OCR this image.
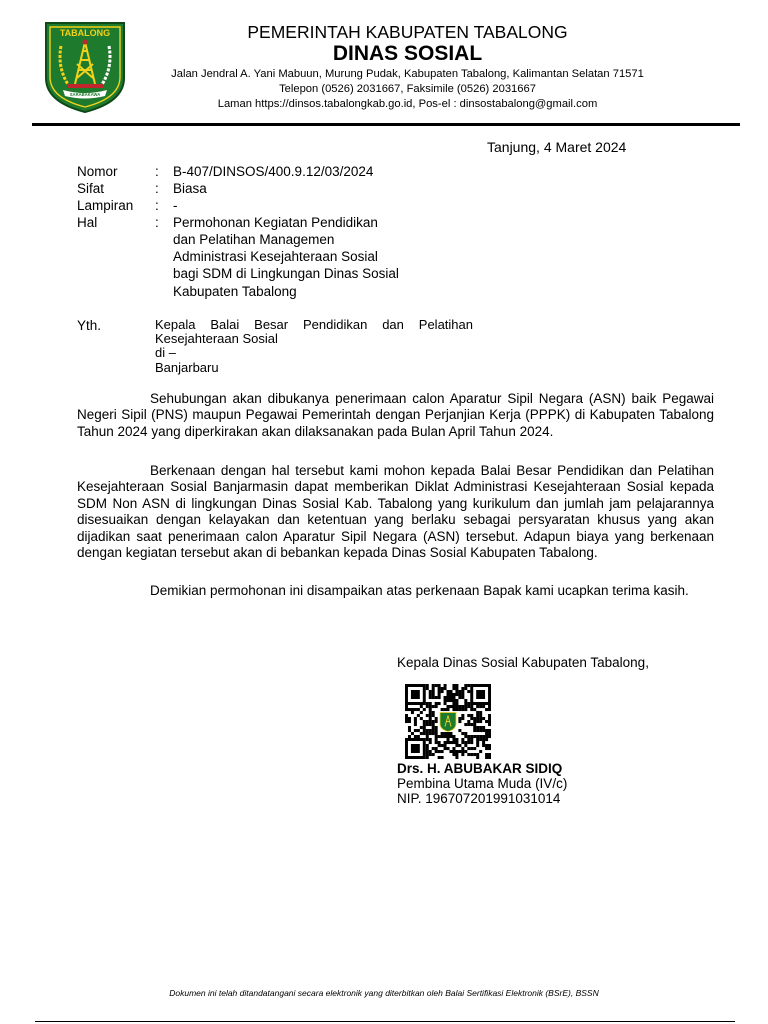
TABALONG
SARABAKAWA
PEMERINTAH KABUPATEN TABALONG
DINAS SOSIAL
Jalan Jendral A. Yani Mabuun, Murung Pudak, Kabupaten Tabalong, Kalimantan Selatan 71571
Telepon (0526) 2031667, Faksimile (0526) 2031667
Laman https://dinsos.tabalongkab.go.id, Pos-el : dinsostabalong@gmail.com
Tanjung, 4 Maret 2024
Nomor	: B-407/DINSOS/400.9.12/03/2024
Sifat	: Biasa
Lampiran : -
Hal	: Permohonan Kegiatan Pendidikan
dan Pelatihan Managemen
Administrasi Kesejahteraan Sosial
bagi SDM di Lingkungan Dinas Sosial
Kabupaten Tabalong
Yth.	Kepala Balai Besar Pendidikan dan Pelatihan
Kesejahteraan Sosial
di –
Banjarbaru

Sehubungan akan dibukanya penerimaan calon Aparatur Sipil Negara (ASN) baik Pegawai Negeri Sipil (PNS) maupun Pegawai Pemerintah dengan Perjanjian Kerja (PPPK) di Kabupaten Tabalong Tahun 2024 yang diperkirakan akan dilaksanakan pada Bulan April Tahun 2024.

Berkenaan dengan hal tersebut kami mohon kepada Balai Besar Pendidikan dan Pelatihan Kesejahteraan Sosial Banjarmasin dapat memberikan Diklat Administrasi Kesejahteraan Sosial kepada SDM Non ASN di lingkungan Dinas Sosial Kab. Tabalong yang kurikulum dan jumlah jam pelajarannya disesuaikan dengan kelayakan dan ketentuan yang berlaku sebagai persyaratan khusus yang akan dijadikan saat penerimaan calon Aparatur Sipil Negara (ASN) tersebut. Adapun biaya yang berkenaan dengan kegiatan tersebut akan di bebankan kepada Dinas Sosial Kabupaten Tabalong.

Demikian permohonan ini disampaikan atas perkenaan Bapak kami ucapkan terima kasih.

Kepala Dinas Sosial Kabupaten Tabalong,
Drs. H. ABUBAKAR SIDIQ
Pembina Utama Muda (IV/c)
NIP. 196707201991031014
Dokumen ini telah ditandatangani secara elektronik yang diterbitkan oleh Balai Sertifikasi Elektronik (BSrE), BSSN
